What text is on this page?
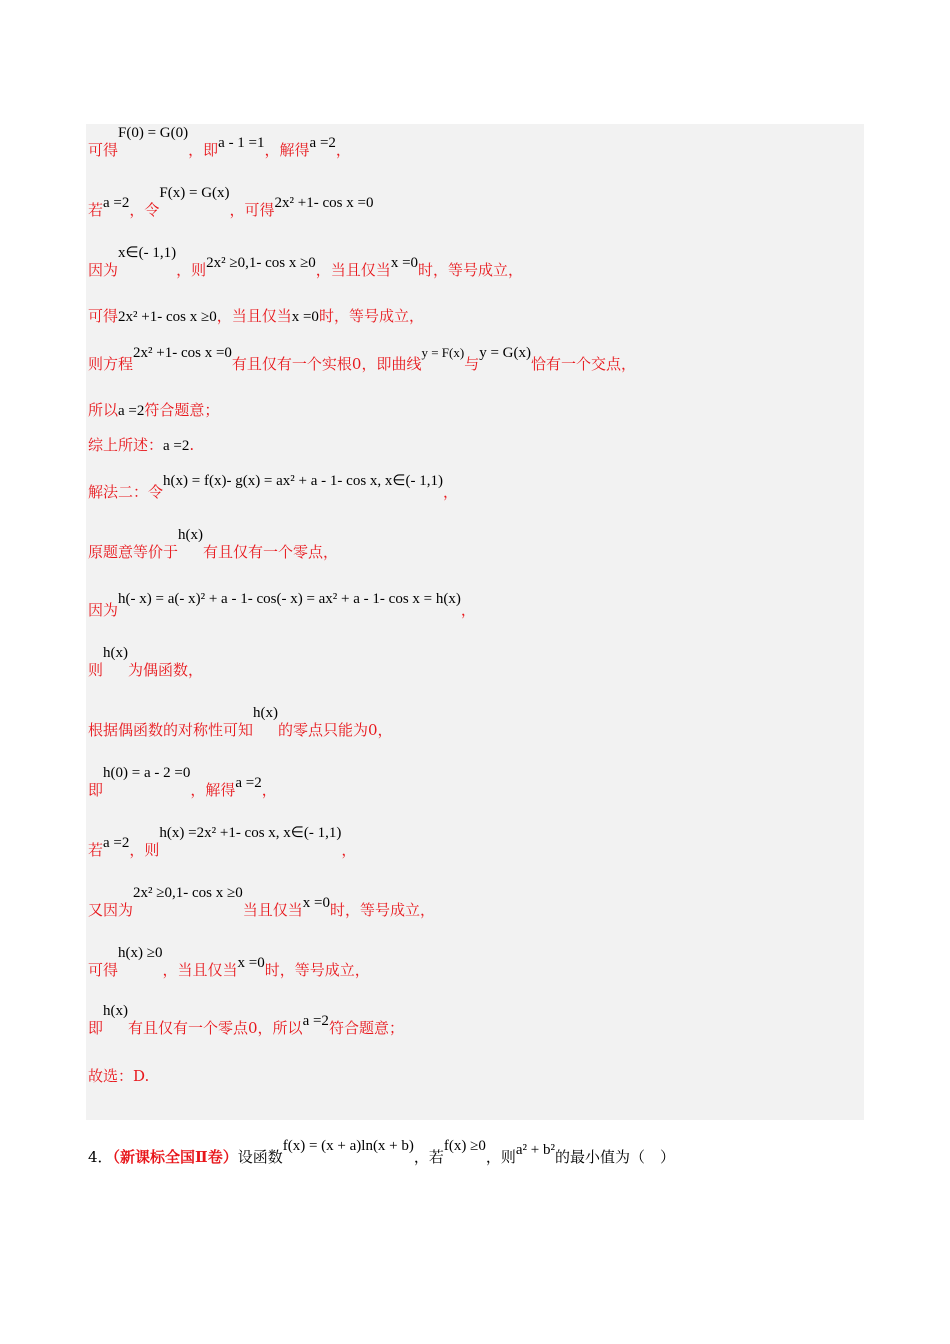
可得F(0) = G(0)，即a - 1 =1，解得a =2，
若a =2，令F(x) = G(x)，可得2x² +1- cos x =0
因为x∈(- 1,1)，则2x² ≥0,1- cos x ≥0，当且仅当x =0时，等号成立，
可得2x² +1- cos x ≥0，当且仅当x =0时，等号成立，
则方程2x² +1- cos x =0有且仅有一个实根0，即曲线y = F(x)与y = G(x)恰有一个交点，
所以a =2符合题意；
综上所述：a =2.
解法二：令h(x) = f(x)- g(x) = ax² + a - 1- cos x, x∈(- 1,1)，
原题意等价于h(x)有且仅有一个零点，
因为h(- x) = a(- x)² + a - 1- cos(- x) = ax² + a - 1- cos x = h(x)，
则h(x)为偶函数，
根据偶函数的对称性可知h(x)的零点只能为0，
即h(0) = a - 2 =0，解得a =2，
若a =2，则h(x) =2x² +1- cos x, x∈(- 1,1)，
又因为2x² ≥0,1- cos x ≥0当且仅当x =0时，等号成立，
可得h(x) ≥0，当且仅当x =0时，等号成立，
即h(x)有且仅有一个零点0，所以a =2符合题意；
故选：D.
4．（新课标全国Ⅱ卷）设函数f(x) = (x + a)ln(x + b)，若f(x) ≥0，则a² + b²的最小值为（　）
